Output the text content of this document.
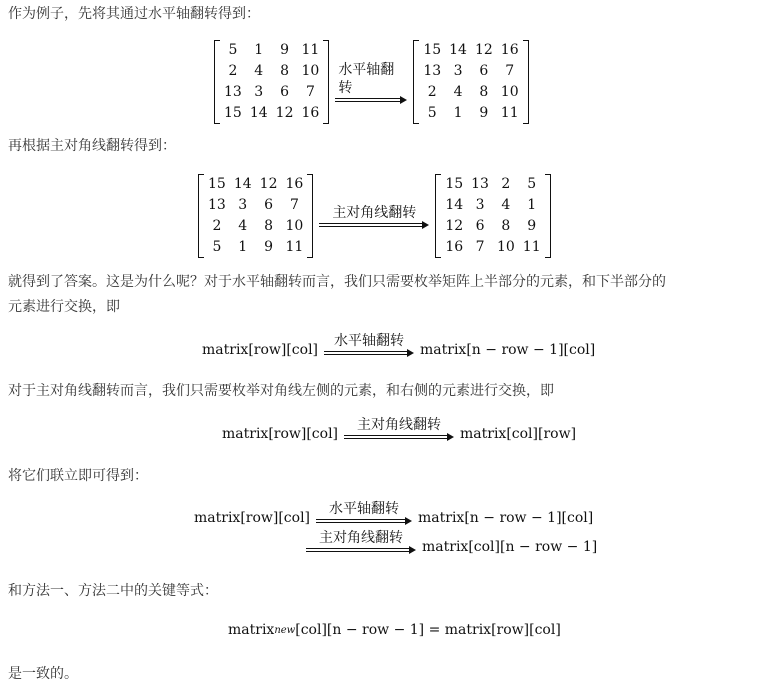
作为例子，先将其通过水平轴翻转得到：
5	1	9	11
2	4	8	10
13	3	6	7
15	14	12	16
水平轴翻转
15	14	12	16
13	3	6	7
2	4	8	10
5	1	9	11
再根据主对角线翻转得到：
15	14	12	16
13	3	6	7
2	4	8	10
5	1	9	11
主对角线翻转
15	13	2	5
14	3	4	1
12	6	8	9
16	7	10	11
就得到了答案。这是为什么呢？对于水平轴翻转而言，我们只需要枚举矩阵上半部分的元素，和下半部分的
元素进行交换，即
matrix[row][col]
水平轴翻转
matrix[n − row − 1][col]
对于主对角线翻转而言，我们只需要枚举对角线左侧的元素，和右侧的元素进行交换，即
matrix[row][col]
主对角线翻转
matrix[col][row]
将它们联立即可得到：
matrix[row][col]
水平轴翻转
matrix[n − row − 1][col]
主对角线翻转
matrix[col][n − row − 1]
和方法一、方法二中的关键等式：
matrix new [col][n − row − 1] = matrix[row][col]
是一致的。
